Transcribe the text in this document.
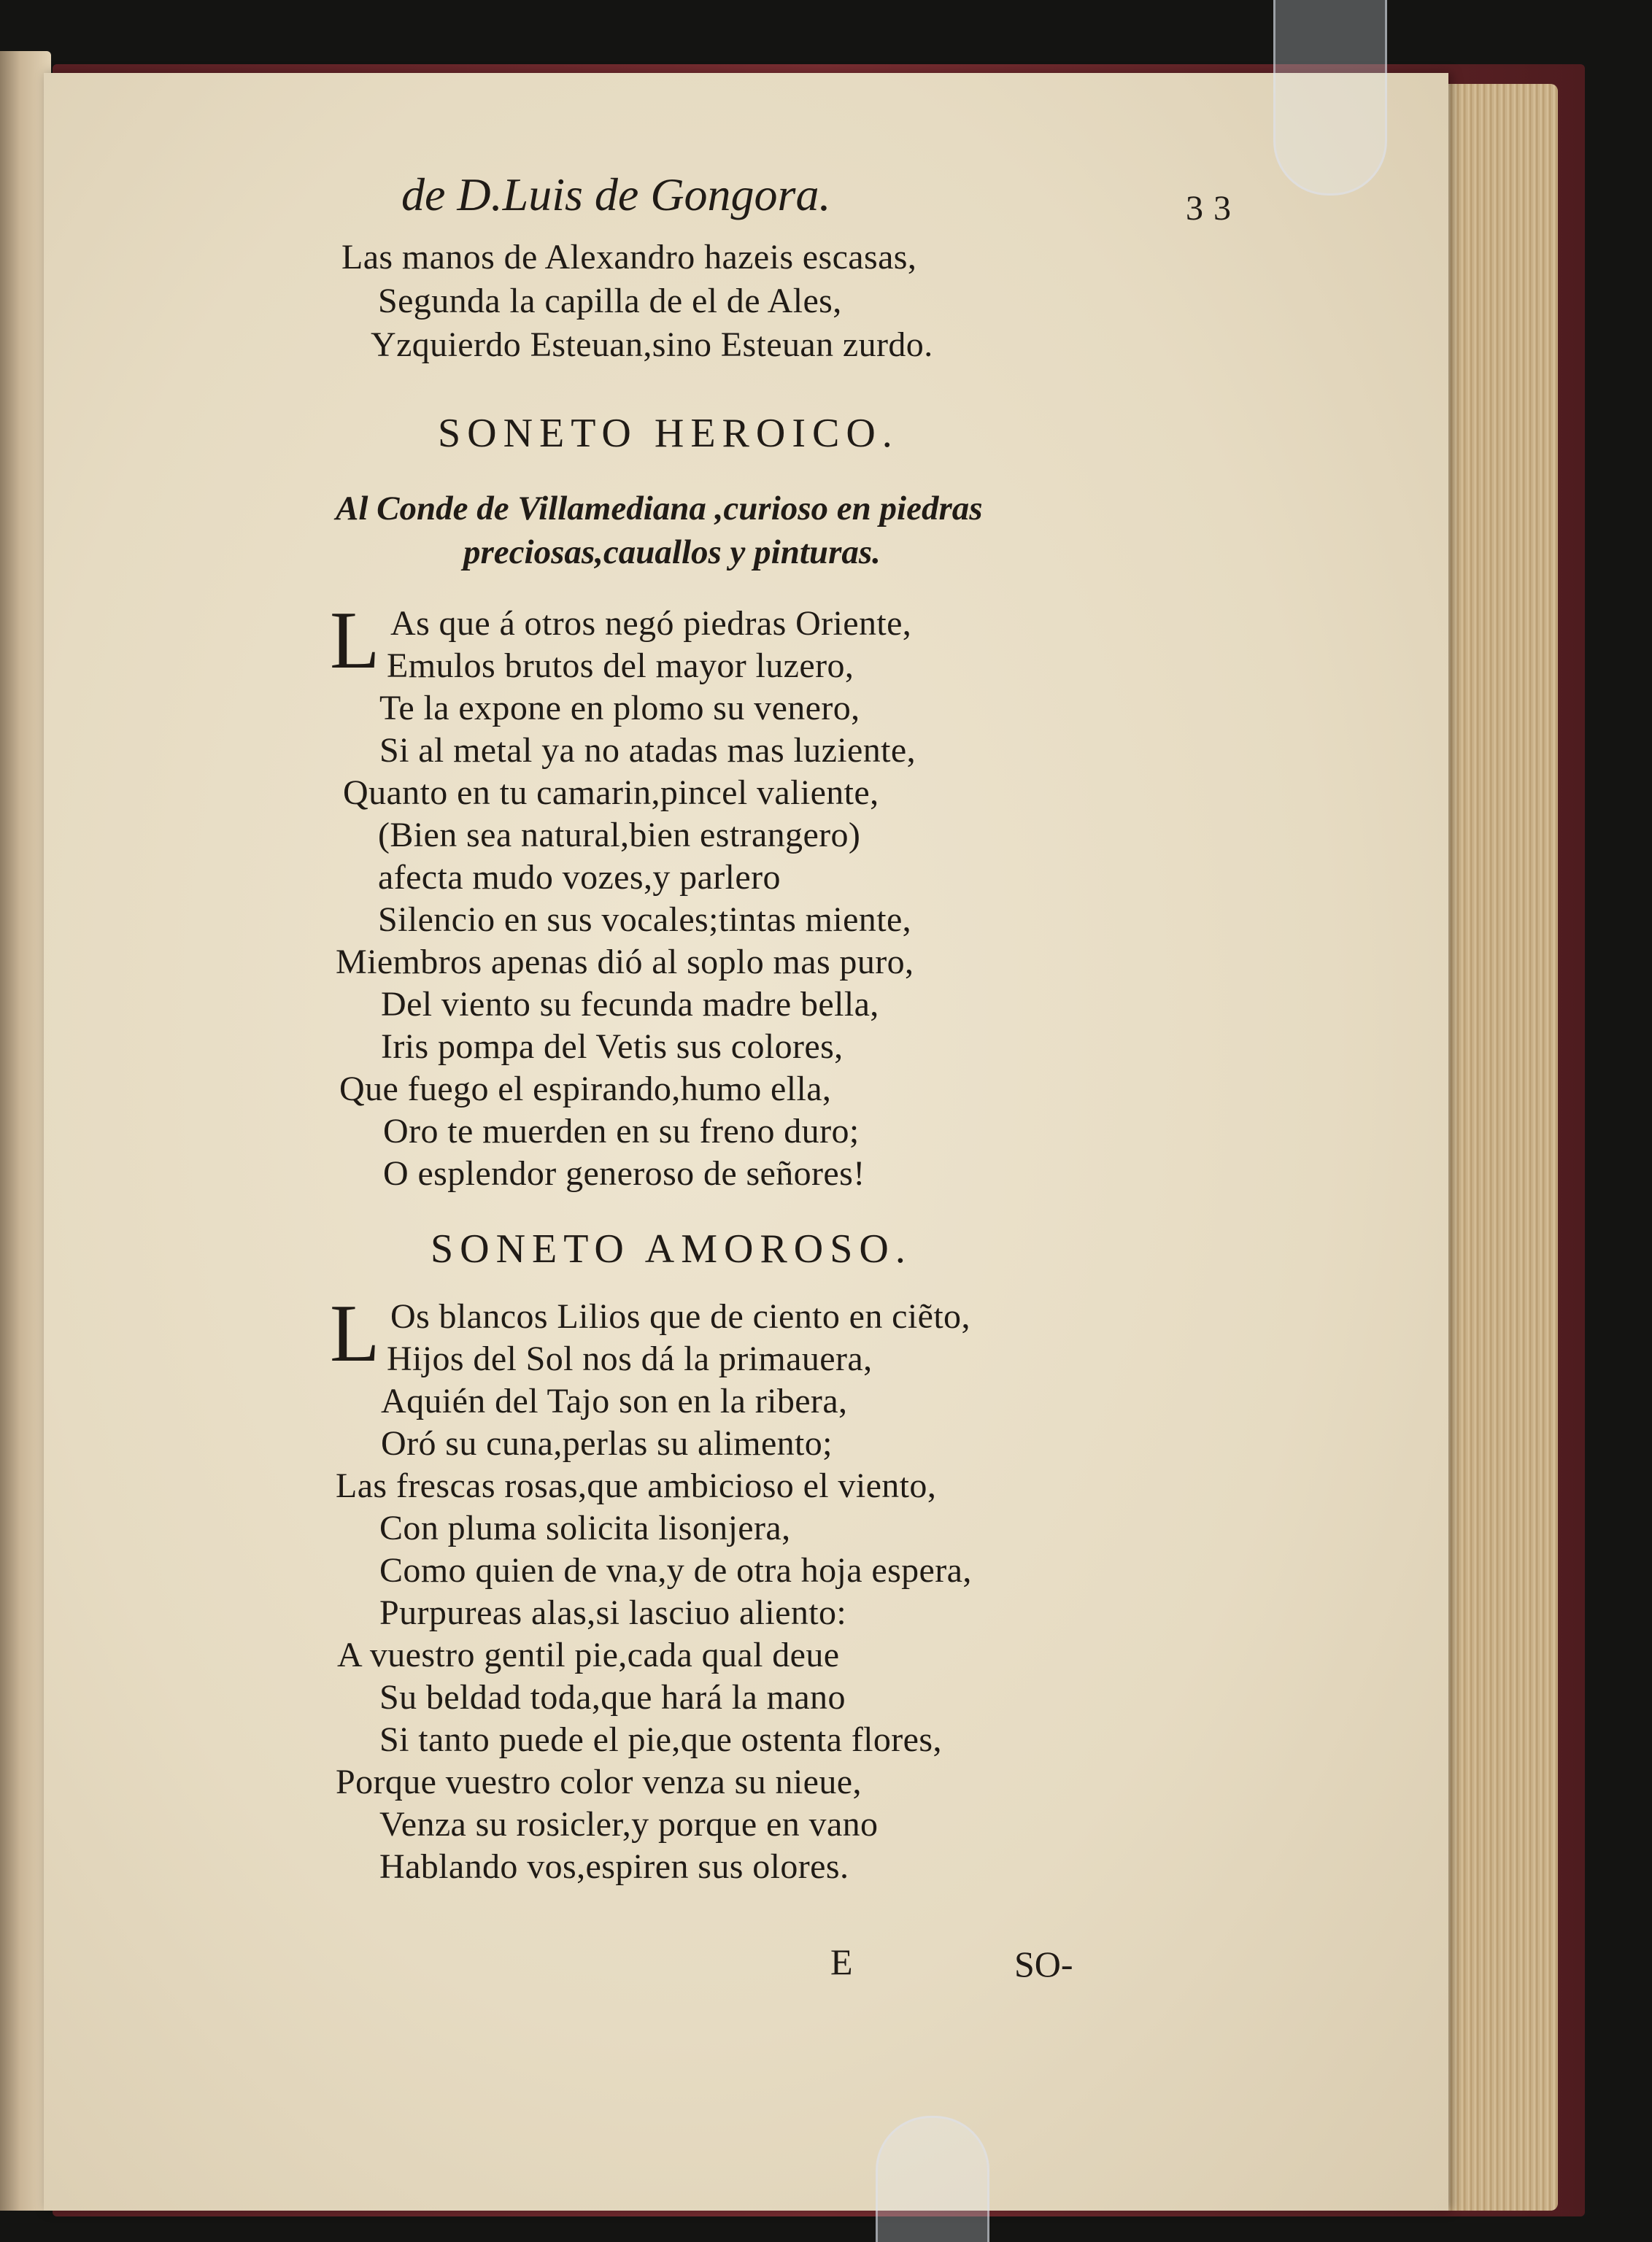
de D.Luis de Gongora.	33
Las manos de Alexandro hazeis escasas,
Segunda la capilla de el de Ales,
Yzquierdo Esteuan,sino Esteuan zurdo.
SONETO HEROICO.
Al Conde de Villamediana ,curioso en piedras
preciosas,cauallos y pinturas.
L As que á otros negó piedras Oriente,
Emulos brutos del mayor luzero,
Te la expone en plomo su venero,
Si al metal ya no atadas mas luziente,
Quanto en tu camarin,pincel valiente,
(Bien sea natural,bien estrangero)
afecta mudo vozes,y parlero
Silencio en sus vocales;tintas miente,
Miembros apenas dió al soplo mas puro,
Del viento su fecunda madre bella,
Iris pompa del Vetis sus colores,
Que fuego el espirando,humo ella,
Oro te muerden en su freno duro;
O esplendor generoso de señores!
SONETO AMOROSO.
L Os blancos Lilios que de ciento en ciẽto,
Hijos del Sol nos dá la primauera,
Aquién del Tajo son en la ribera,
Oró su cuna,perlas su alimento;
Las frescas rosas,que ambicioso el viento,
Con pluma solicita lisonjera,
Como quien de vna,y de otra hoja espera,
Purpureas alas,si lasciuo aliento:
A vuestro gentil pie,cada qual deue
Su beldad toda,que hará la mano
Si tanto puede el pie,que ostenta flores,
Porque vuestro color venza su nieue,
Venza su rosicler,y porque en vano
Hablando vos,espiren sus olores.
E	SO-
